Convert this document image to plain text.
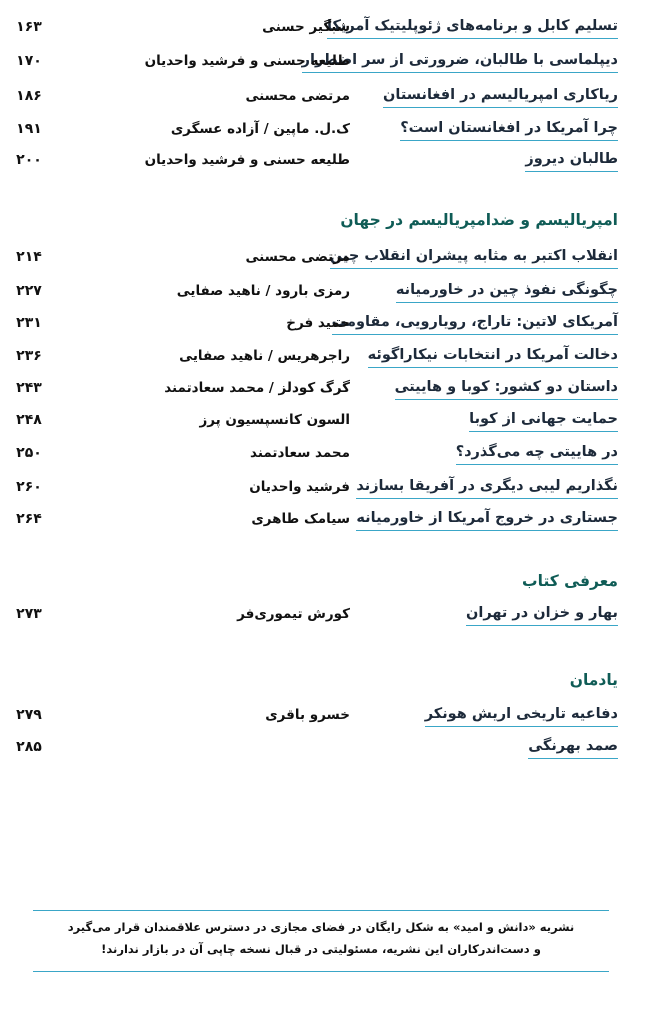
تسلیم کابل و برنامه‌های ژئوپلیتیک آمریکا
شبگیر حسنی
۱۶۳
دیپلماسی با طالبان، ضرورتی از سر اضطرار
طلیعه حسنی و فرشید واحدیان
۱۷۰
ریاکاری امپریالیسم در افغانستان
مرتضی محسنی
۱۸۶
چرا آمریکا در افغانستان است؟
ک.ل. ماپین / آزاده عسگری
۱۹۱
طالبان دیروز
طلیعه حسنی و فرشید واحدیان
۲۰۰
امپریالیسم و ضدامپریالیسم در جهان
انقلاب اکتبر به مثابه پیشران انقلاب چین
مرتضی محسنی
۲۱۴
چگونگی نفوذ چین در خاورمیانه
رمزی بارود / ناهید صفایی
۲۲۷
آمریکای لاتین: تاراج، رویارویی، مقاومت
حمید فرخ
۲۳۱
دخالت آمریکا در انتخابات نیکاراگوئه
راجرهریس / ناهید صفایی
۲۳۶
داستان دو کشور: کوبا و هاییتی
گرگ کودلز / محمد سعادتمند
۲۴۳
حمایت جهانی از کوبا
السون کانسپسیون پرز
۲۴۸
در هاییتی چه می‌گذرد؟
محمد سعادتمند
۲۵۰
نگذاریم لیبی دیگری در آفریقا بسازند
فرشید واحدیان
۲۶۰
جستاری در خروج آمریکا از خاورمیانه
سیامک طاهری
۲۶۴
معرفی کتاب
بهار و خزان در تهران
کورش تیموری‌فر
۲۷۳
یادمان
دفاعیه تاریخی اریش هونکر
خسرو باقری
۲۷۹
صمد بهرنگی
۲۸۵

نشریه «دانش و امید» به شکل رایگان در فضای مجازی در دسترس علاقمندان قرار می‌گیرد

و دست‌اندرکاران این نشریه، مسئولیتی در قبال نسخه چاپی آن در بازار ندارند!
